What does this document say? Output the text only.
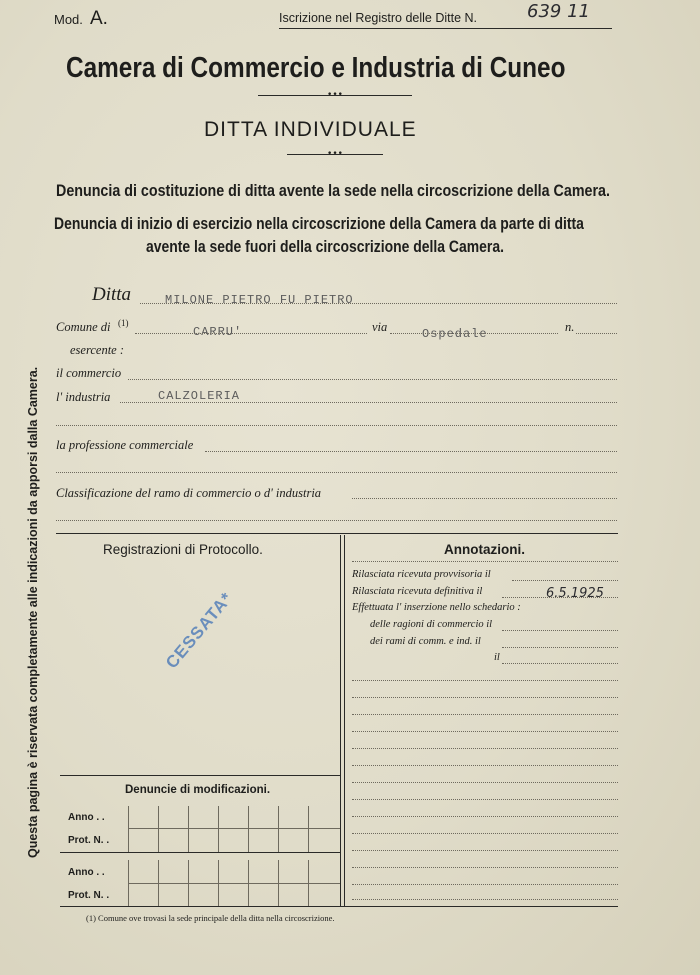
Mod. A.	Iscrizione nel Registro delle Ditte N.	639 11
Camera di Commercio e Industria di Cuneo
•••
DITTA INDIVIDUALE
•••
Denuncia di costituzione di ditta avente la sede nella circoscrizione della Camera.
Denuncia di inizio di esercizio nella circoscrizione della Camera da parte di ditta
avente la sede fuori della circoscrizione della Camera.
Questa pagina è riservata completamente alle indicazioni da apporsi dalla Camera.
Ditta	MILONE PIETRO FU PIETRO
Comune di (1)
CARRU'	via	Ospedale	n.
esercente :
il commercio
l' industria	CALZOLERIA
la professione commerciale
Classificazione del ramo di commercio o d' industria
Registrazioni di Protocollo.	Annotazioni.
CESSATA*
Rilasciata ricevuta provvisoria il
Rilasciata ricevuta definitiva il	6.5.1925
Effettuata l' inserzione nello schedario :
delle ragioni di commercio il
dei rami di comm. e ind. il
il
Denuncie di modificazioni.
Anno . .
Prot. N. .
Anno . .
Prot. N. .
(1) Comune ove trovasi la sede principale della ditta nella circoscrizione.
